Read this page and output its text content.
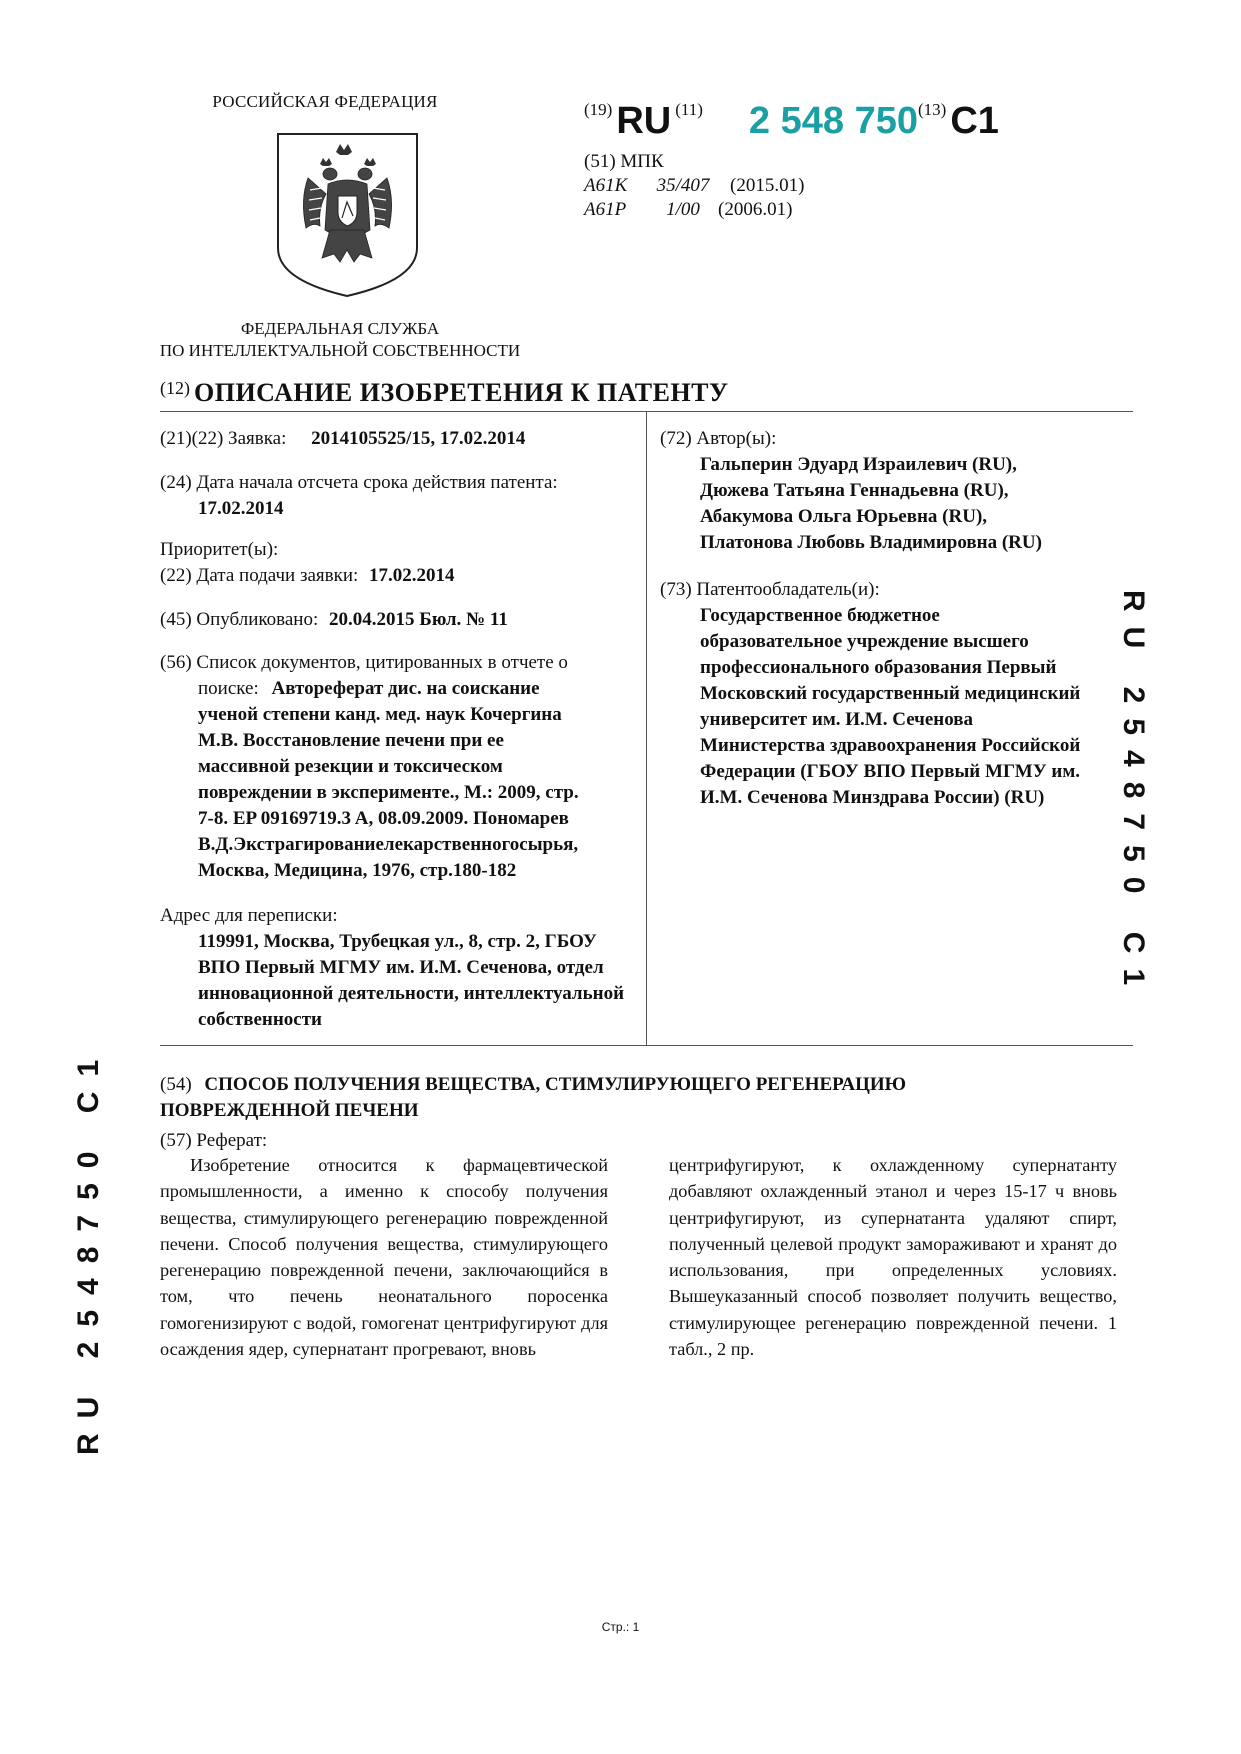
РОССИЙСКАЯ ФЕДЕРАЦИЯ
ФЕДЕРАЛЬНАЯ СЛУЖБА
ПО ИНТЕЛЛЕКТУАЛЬНОЙ СОБСТВЕННОСТИ
(19) RU (11) 2 548 750(13) C1
(51) МПК
A61K 35/407 (2015.01)
A61P 1/00 (2006.01)
(12) ОПИСАНИЕ ИЗОБРЕТЕНИЯ К ПАТЕНТУ
(21)(22) Заявка: 2014105525/15, 17.02.2014
(24) Дата начала отсчета срока действия патента:
17.02.2014
Приоритет(ы):
(22) Дата подачи заявки: 17.02.2014
(45) Опубликовано: 20.04.2015 Бюл. № 11
(56) Список документов, цитированных в отчете о
поиске: Автореферат дис. на соискание
ученой степени канд. мед. наук Кочергина
М.В. Восстановление печени при ее
массивной резекции и токсическом
повреждении в эксперименте., М.: 2009, стр.
7-8. EP 09169719.3 A, 08.09.2009. Пономарев
В.Д.Экстрагированиелекарственногосырья,
Москва, Медицина, 1976, стр.180-182
Адрес для переписки:
119991, Москва, Трубецкая ул., 8, стр. 2, ГБОУ
ВПО Первый МГМУ им. И.М. Сеченова, отдел
инновационной деятельности, интеллектуальной
собственности
(72) Автор(ы):
Гальперин Эдуард Израилевич (RU),
Дюжева Татьяна Геннадьевна (RU),
Абакумова Ольга Юрьевна (RU),
Платонова Любовь Владимировна (RU)
(73) Патентообладатель(и):
Государственное бюджетное
образовательное учреждение высшего
профессионального образования Первый
Московский государственный медицинский
университет им. И.М. Сеченова
Министерства здравоохранения Российской
Федерации (ГБОУ ВПО Первый МГМУ им.
И.М. Сеченова Минздрава России) (RU)	RU 2548750 C1
RU 2548750 C1	(54) СПОСОБ ПОЛУЧЕНИЯ ВЕЩЕСТВА, СТИМУЛИРУЮЩЕГО РЕГЕНЕРАЦИЮ
ПОВРЕЖДЕННОЙ ПЕЧЕНИ
(57) Реферат:
Изобретение относится к фармацевтической промышленности, а именно к способу получения вещества, стимулирующего регенерацию поврежденной печени. Способ получения вещества, стимулирующего регенерацию поврежденной печени, заключающийся в том, что печень неонатального поросенка гомогенизируют с водой, гомогенат центрифугируют для осаждения ядер, супернатант прогревают, вновь
центрифугируют, к охлажденному супернатанту добавляют охлажденный этанол и через 15-17 ч вновь центрифугируют, из супернатанта удаляют спирт, полученный целевой продукт замораживают и хранят до использования, при определенных условиях. Вышеуказанный способ позволяет получить вещество, стимулирующее регенерацию поврежденной печени. 1 табл., 2 пр.
Стр.: 1
